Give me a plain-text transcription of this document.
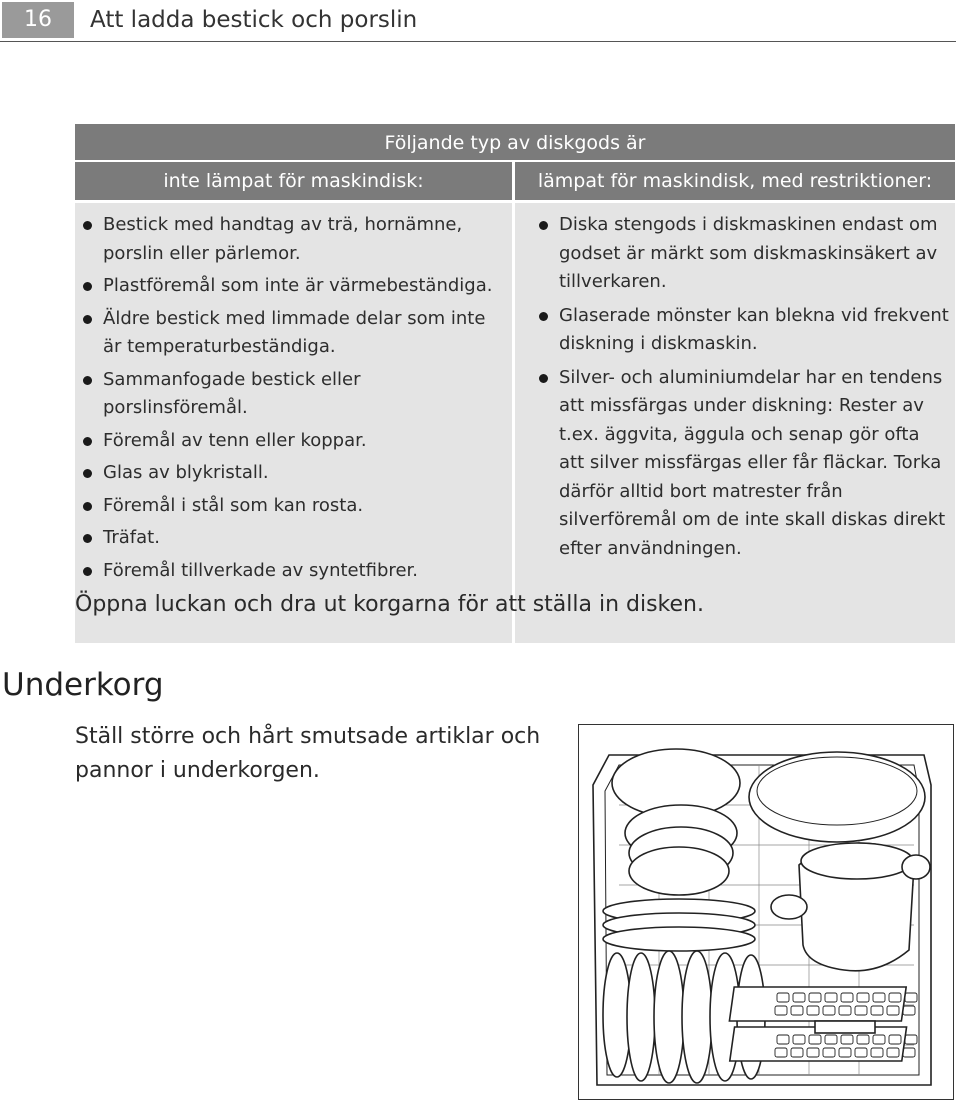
16	Att ladda bestick och porslin
Följande typ av diskgods är
inte lämpat för maskindisk:	lämpat för maskindisk, med restriktioner:
Bestick med handtag av trä, hornämne, porslin eller pärlemor.
Plastföremål som inte är värmebeständiga.
Äldre bestick med limmade delar som inte är temperaturbeständiga.
Sammanfogade bestick eller porslinsföremål.
Föremål av tenn eller koppar.
Glas av blykristall.
Föremål i stål som kan rosta.
Träfat.
Föremål tillverkade av syntetfibrer.
Diska stengods i diskmaskinen endast om godset är märkt som diskmaskinsäkert av tillverkaren.
Glaserade mönster kan blekna vid frekvent diskning i diskmaskin.
Silver- och aluminiumdelar har en tendens att missfärgas under diskning: Rester av t.ex. äggvita, äggula och senap gör ofta att silver missfärgas eller får fläckar. Torka därför alltid bort matrester från silverföremål om de inte skall diskas direkt efter användningen.
Öppna luckan och dra ut korgarna för att ställa in disken.
Underkorg
Ställ större och hårt smutsade artiklar och pannor i underkorgen.
